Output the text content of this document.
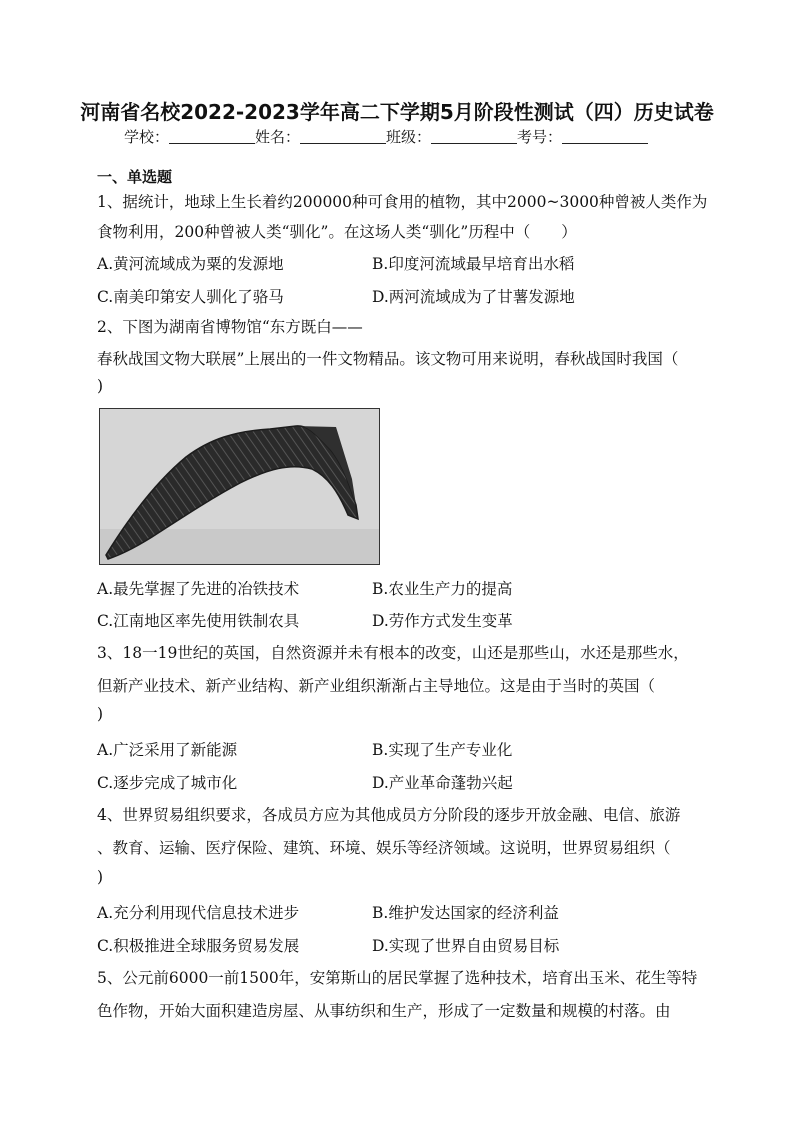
河南省名校2022-2023学年高二下学期5月阶段性测试（四）历史试卷
学校：	姓名：	班级：	考号：
一、单选题
1、据统计，地球上生长着约200000种可食用的植物，其中2000~3000种曾被人类作为
食物利用，200种曾被人类“驯化”。在这场人类“驯化”历程中（　　）
A.黄河流域成为粟的发源地	B.印度河流域最早培育出水稻
C.南美印第安人驯化了骆马	D.两河流域成为了甘薯发源地
2、下图为湖南省博物馆“东方既白——
春秋战国文物大联展”上展出的一件文物精品。该文物可用来说明，春秋战国时我国（
)
A.最先掌握了先进的冶铁技术	B.农业生产力的提高
C.江南地区率先使用铁制农具	D.劳作方式发生变革
3、18一19世纪的英国，自然资源并未有根本的改变，山还是那些山，水还是那些水，
但新产业技术、新产业结构、新产业组织渐渐占主导地位。这是由于当时的英国（
)
A.广泛采用了新能源	B.实现了生产专业化
C.逐步完成了城市化	D.产业革命蓬勃兴起
4、世界贸易组织要求，各成员方应为其他成员方分阶段的逐步开放金融、电信、旅游
、教育、运输、医疗保险、建筑、环境、娱乐等经济领域。这说明，世界贸易组织（
)
A.充分利用现代信息技术进步	B.维护发达国家的经济利益
C.积极推进全球服务贸易发展	D.实现了世界自由贸易目标
5、公元前6000一前1500年，安第斯山的居民掌握了选种技术，培育出玉米、花生等特
色作物，开始大面积建造房屋、从事纺织和生产，形成了一定数量和规模的村落。由
